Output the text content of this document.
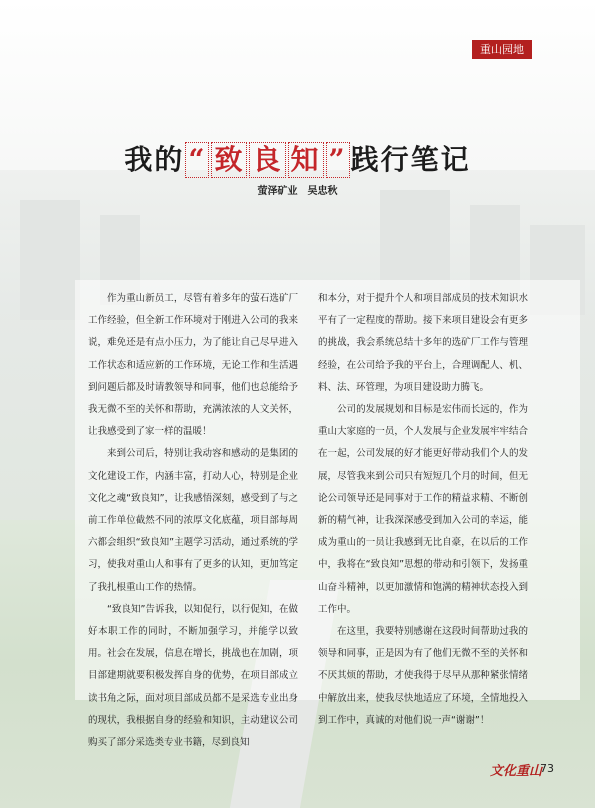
重山园地
我的 “ 致 良 知 ” 践行笔记
萤泽矿业 吴忠秋

作为重山新员工，尽管有着多年的萤石选矿厂工作经验，但全新工作环境对于刚进入公司的我来说，难免还是有点小压力，为了能让自己尽早进入工作状态和适应新的工作环境，无论工作和生活遇到问题后都及时请教领导和同事，他们也总能给予我无微不至的关怀和帮助，充满浓浓的人文关怀，让我感受到了家一样的温暖！

来到公司后，特别让我动容和感动的是集团的文化建设工作，内涵丰富，打动人心，特别是企业文化之魂“致良知”，让我感悟深刻，感受到了与之前工作单位截然不同的浓厚文化底蕴，项目部每周六都会组织“致良知”主题学习活动，通过系统的学习，使我对重山人和事有了更多的认知，更加笃定了我扎根重山工作的热情。

“致良知”告诉我，以知促行，以行促知，在做好本职工作的同时，不断加强学习，并能学以致用。社会在发展，信息在增长，挑战也在加剧，项目部建期就要积极发挥自身的优势，在项目部成立读书角之际，面对项目部成员都不是采选专业出身的现状，我根据自身的经验和知识，主动建议公司购买了部分采选类专业书籍，尽到良知

和本分，对于提升个人和项目部成员的技术知识水平有了一定程度的帮助。接下来项目建设会有更多的挑战，我会系统总结十多年的选矿厂工作与管理经验，在公司给予我的平台上，合理调配人、机、料、法、环管理，为项目建设助力腾飞。

公司的发展规划和目标是宏伟而长远的，作为重山大家庭的一员，个人发展与企业发展牢牢结合在一起，公司发展的好才能更好带动我们个人的发展，尽管我来到公司只有短短几个月的时间，但无论公司领导还是同事对于工作的精益求精、不断创新的精气神，让我深深感受到加入公司的幸运，能成为重山的一员让我感到无比自豪，在以后的工作中，我将在“致良知”思想的带动和引领下，发扬重山奋斗精神，以更加激情和饱满的精神状态投入到工作中。

在这里，我要特别感谢在这段时间帮助过我的领导和同事，正是因为有了他们无微不至的关怀和不厌其烦的帮助，才使我得于尽早从那种紧张情绪中解放出来，使我尽快地适应了环境，全情地投入到工作中，真诚的对他们说一声“谢谢”！

文化重山
73
